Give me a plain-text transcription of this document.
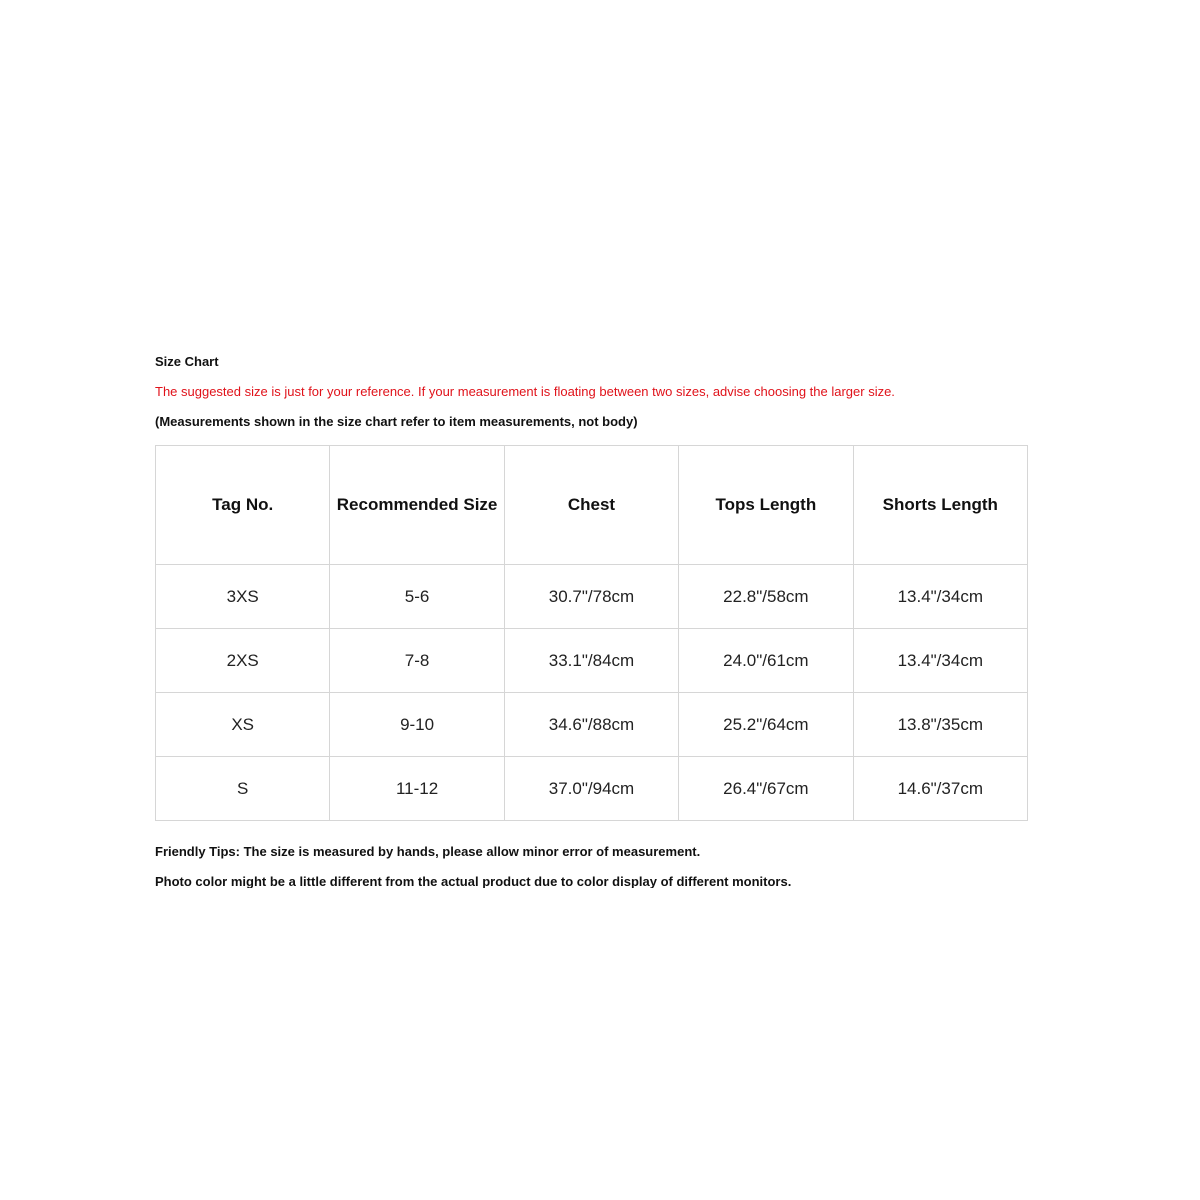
Size Chart
The suggested size is just for your reference. If your measurement is floating between two sizes, advise choosing the larger size.
(Measurements shown in the size chart refer to item measurements, not body)
Tag No.	Recommended Size	Chest	Tops Length	Shorts Length
3XS	5-6	30.7"/78cm	22.8"/58cm	13.4"/34cm
2XS	7-8	33.1"/84cm	24.0"/61cm	13.4"/34cm
XS	9-10	34.6"/88cm	25.2"/64cm	13.8"/35cm
S	11-12	37.0"/94cm	26.4"/67cm	14.6"/37cm
Friendly Tips: The size is measured by hands, please allow minor error of measurement.
Photo color might be a little different from the actual product due to color display of different monitors.
